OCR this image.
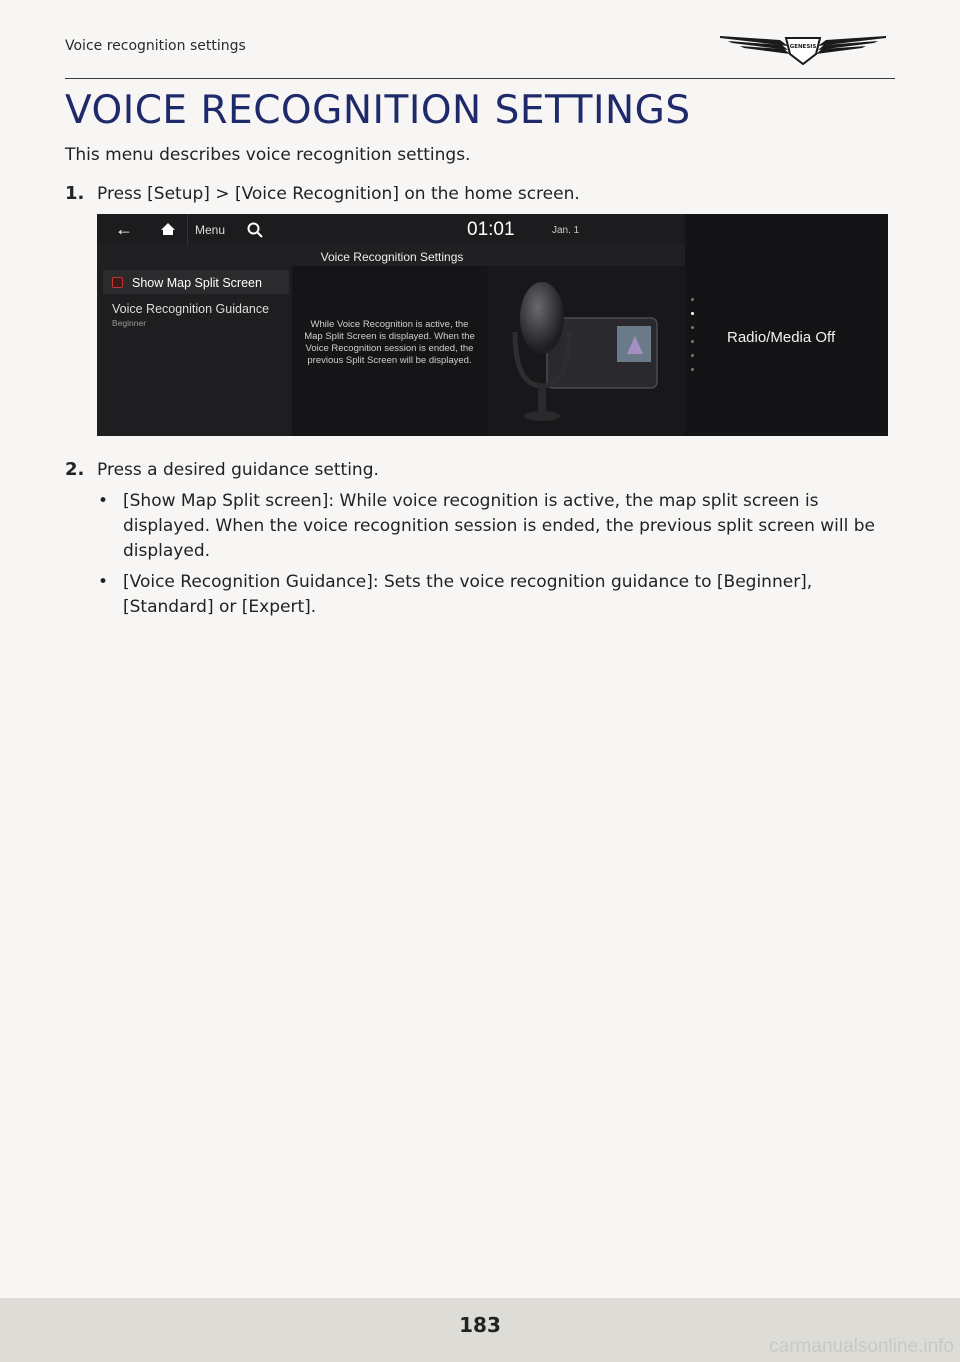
Voice recognition settings	GENESIS
VOICE RECOGNITION SETTINGS
This menu describes voice recognition settings.
1. Press [Setup] > [Voice Recognition] on the home screen.
←	Menu	01:01	Jan. 1
Voice Recognition Settings
Show Map Split Screen
Voice Recognition Guidance
Beginner	While Voice Recognition is active, the Map Split Screen is displayed. When the Voice Recognition session is ended, the previous Split Screen will be displayed.
Radio/Media Off
2. Press a desired guidance setting.
• [Show Map Split screen]: While voice recognition is active, the map split screen is displayed. When the voice recognition session is ended, the previous split screen will be displayed.
• [Voice Recognition Guidance]: Sets the voice recognition guidance to [Beginner], [Standard] or [Expert].
183
carmanualsonline.info
